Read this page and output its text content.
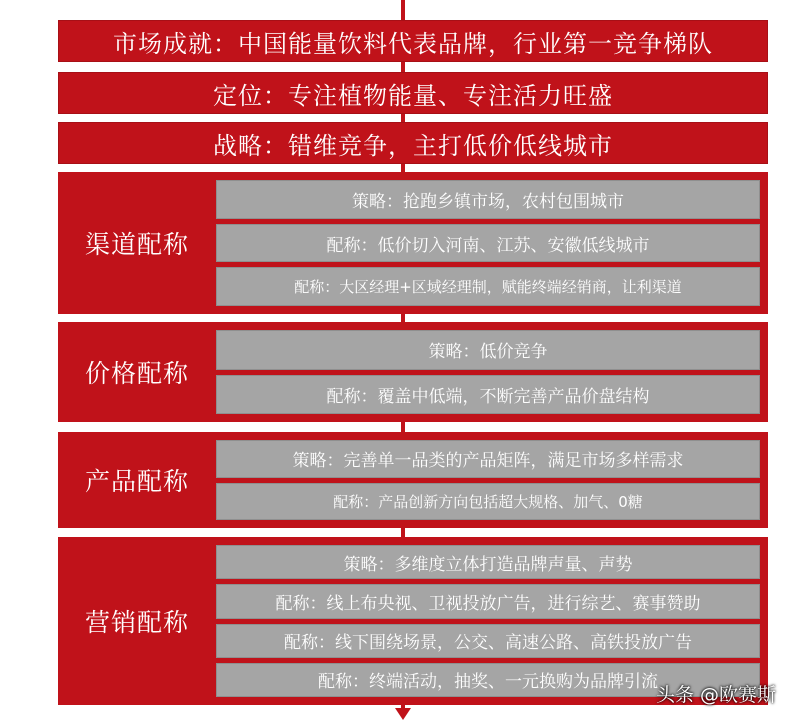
市场成就：中国能量饮料代表品牌，行业第一竞争梯队
定位：专注植物能量、专注活力旺盛
战略：错维竞争，主打低价低线城市
渠道配称
策略：抢跑乡镇市场，农村包围城市
配称：低价切入河南、江苏、安徽低线城市
配称：大区经理+区域经理制，赋能终端经销商，让利渠道
价格配称
策略：低价竞争
配称：覆盖中低端，不断完善产品价盘结构
产品配称
策略：完善单一品类的产品矩阵，满足市场多样需求
配称：产品创新方向包括超大规格、加气、0糖
营销配称
策略：多维度立体打造品牌声量、声势
配称：线上布央视、卫视投放广告，进行综艺、赛事赞助
配称：线下围绕场景，公交、高速公路、高铁投放广告
配称：终端活动，抽奖、一元换购为品牌引流
头条 @欧赛斯
